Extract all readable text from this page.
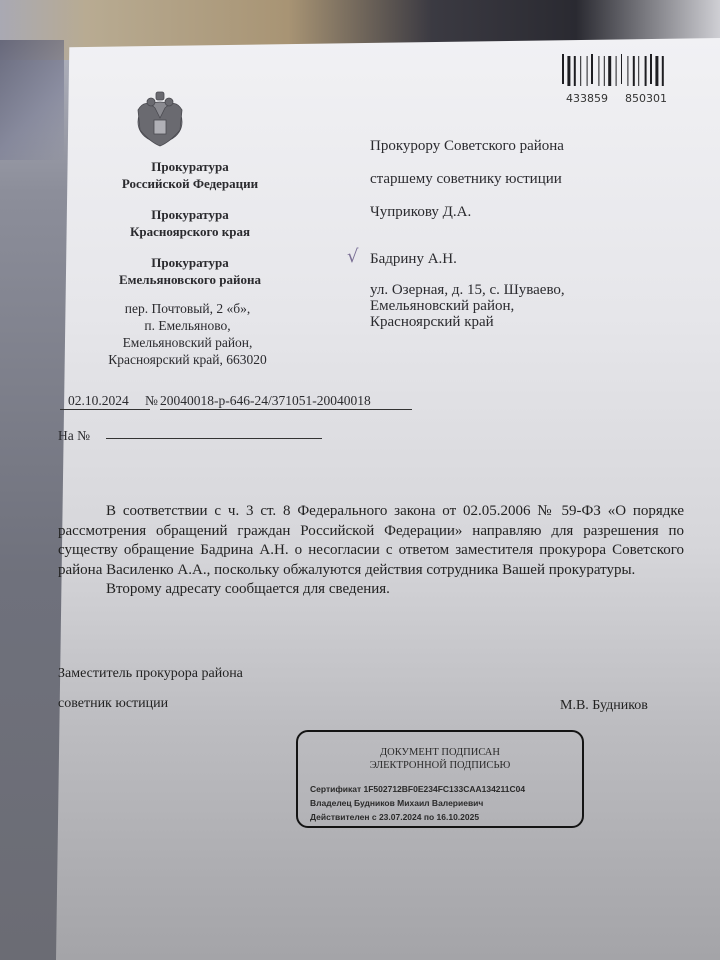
433859 850301
Прокуратура
Российской Федерации
Прокуратура
Красноярского края
Прокуратура
Емельяновского района
пер. Почтовый, 2 «б»,
п. Емельяново,
Емельяновский район,
Красноярский край, 663020
Прокурору Советского района
старшему советнику юстиции
Чуприкову Д.А.
√ Бадрину А.Н.
ул. Озерная, д. 15, с. Шуваево,
Емельяновский район,
Красноярский край
02.10.2024	№ 20040018-р-646-24/371051-20040018
На №

В соответствии с ч. 3 ст. 8 Федерального закона от 02.05.2006 № 59-ФЗ «О порядке рассмотрения обращений граждан Российской Федерации» направляю для разрешения по существу обращение Бадрина А.Н. о несогласии с ответом заместителя прокурора Советского района Василенко А.А., поскольку обжалуются действия сотрудника Вашей прокуратуры.

Второму адресату сообщается для сведения.

Заместитель прокурора района
советник юстиции	М.В. Будников
ДОКУМЕНТ ПОДПИСАН
ЭЛЕКТРОННОЙ ПОДПИСЬЮ
Сертификат 1F502712BF0E234FC133CAA134211C04
Владелец Будников Михаил Валериевич
Действителен с 23.07.2024 по 16.10.2025
